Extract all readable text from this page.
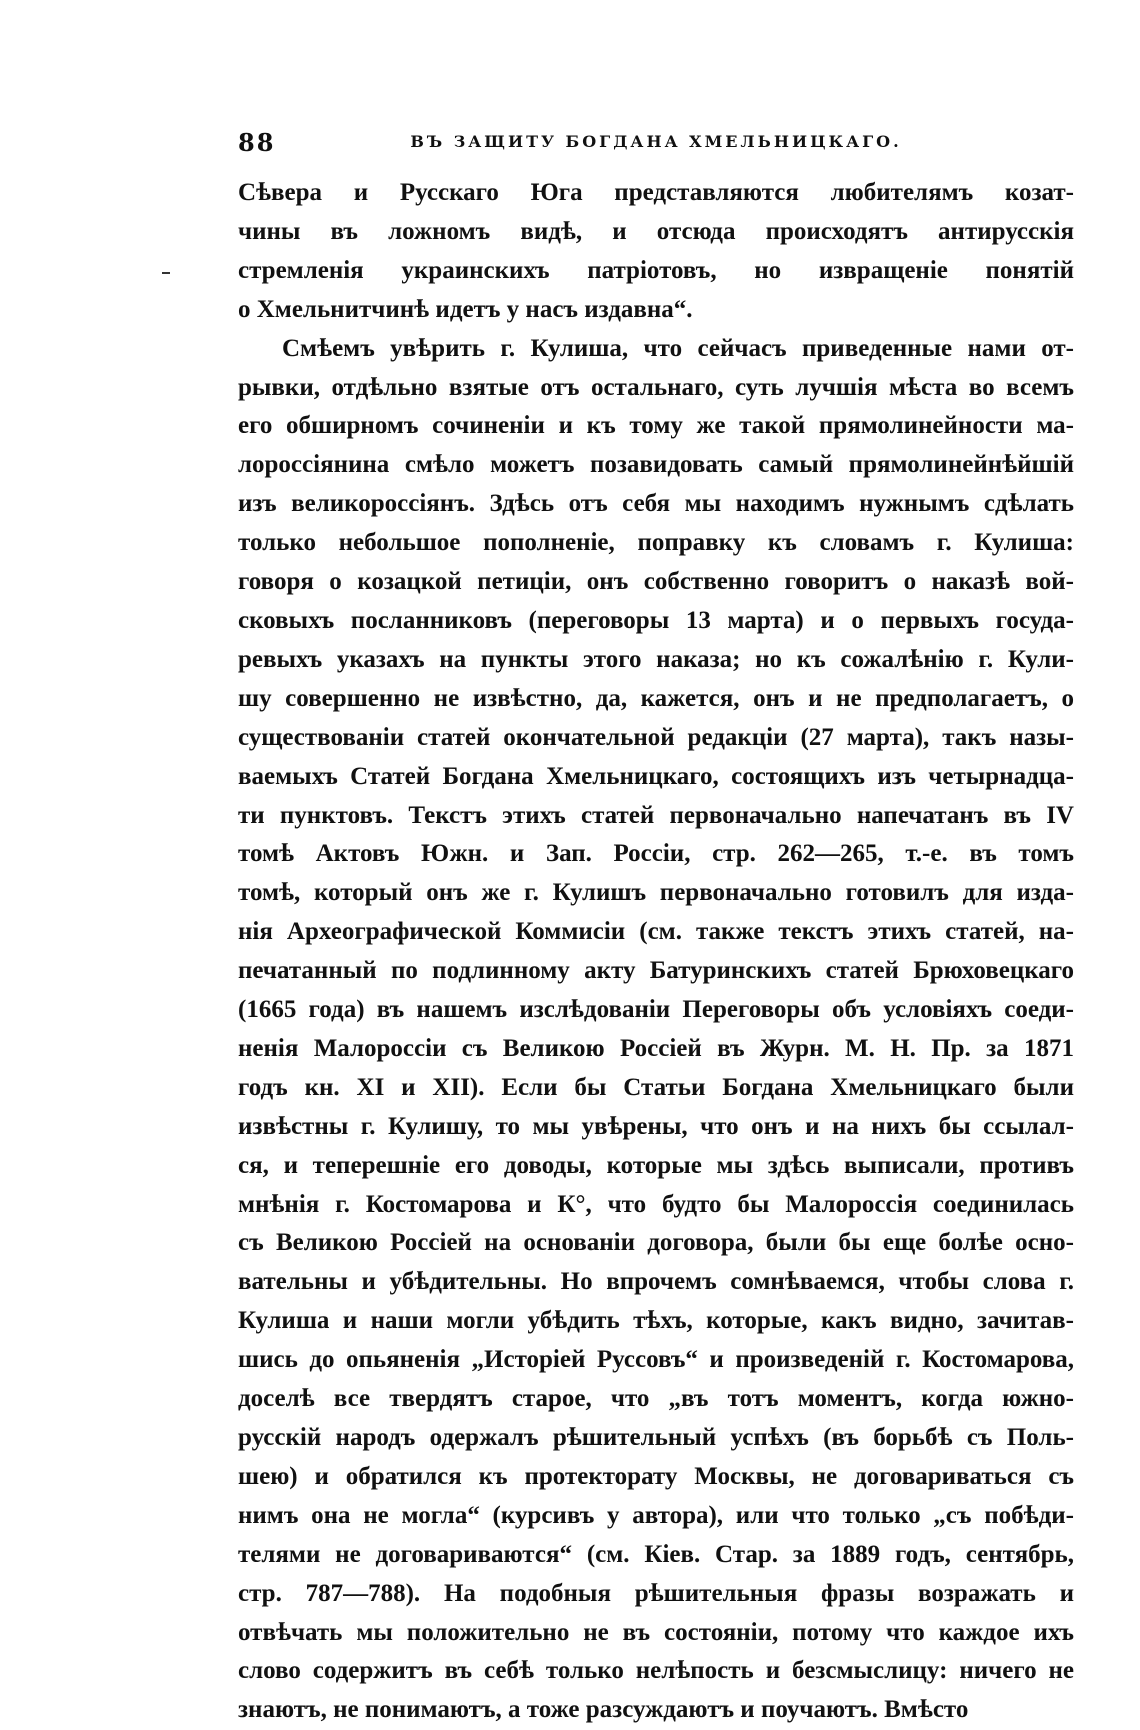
88	ВЪ ЗАЩИТУ БОГДАНА ХМЕЛЬНИЦКАГО.
Сѣвера и Русскаго Юга представляются любителямъ козат-
чины въ ложномъ видѣ, и отсюда происходятъ антирусскія
стремленія украинскихъ патріотовъ, но извращеніе понятій
о Хмельнитчинѣ идетъ у насъ издавна“.
Смѣемъ увѣрить г. Кулиша, что сейчасъ приведенные нами от-
рывки, отдѣльно взятые отъ остальнаго, суть лучшія мѣста во всемъ
его обширномъ сочиненіи и къ тому же такой прямолинейности ма-
лороссіянина смѣло можетъ позавидовать самый прямолинейнѣйшій
изъ великороссіянъ. Здѣсь отъ себя мы находимъ нужнымъ сдѣлать
только небольшое пополненіе, поправку къ словамъ г. Кулиша:
говоря о козацкой петиціи, онъ собственно говоритъ о наказѣ вой-
сковыхъ посланниковъ (переговоры 13 марта) и о первыхъ госуда-
ревыхъ указахъ на пункты этого наказа; но къ сожалѣнію г. Кули-
шу совершенно не извѣстно, да, кажется, онъ и не предполагаетъ, о
существованіи статей окончательной редакціи (27 марта), такъ назы-
ваемыхъ Статей Богдана Хмельницкаго, состоящихъ изъ четырнадца-
ти пунктовъ. Текстъ этихъ статей первоначально напечатанъ въ IV
томѣ Актовъ Южн. и Зап. Россіи, стр. 262—265, т.-е. въ томъ
томѣ, который онъ же г. Кулишъ первоначально готовилъ для изда-
нія Археографической Коммисіи (см. также текстъ этихъ статей, на-
печатанный по подлинному акту Батуринскихъ статей Брюховецкаго
(1665 года) въ нашемъ изслѣдованіи Переговоры объ условіяхъ соеди-
ненія Малороссіи съ Великою Россіей въ Журн. М. Н. Пр. за 1871
годъ кн. XI и XII). Если бы Статьи Богдана Хмельницкаго были
извѣстны г. Кулишу, то мы увѣрены, что онъ и на нихъ бы ссылал-
ся, и теперешніе его доводы, которые мы здѣсь выписали, противъ
мнѣнія г. Костомарова и К°, что будто бы Малороссія соединилась
съ Великою Россіей на основаніи договора, были бы еще болѣе осно-
вательны и убѣдительны. Но впрочемъ сомнѣваемся, чтобы слова г.
Кулиша и наши могли убѣдить тѣхъ, которые, какъ видно, зачитав-
шись до опьяненія „Исторіей Руссовъ“ и произведеній г. Костомарова,
доселѣ все твердятъ старое, что „въ тотъ моментъ, когда южно-
русскій народъ одержалъ рѣшительный успѣхъ (въ борьбѣ съ Поль-
шею) и обратился къ протекторату Москвы, не договариваться съ
нимъ она не могла“ (курсивъ у автора), или что только „съ побѣди-
телями не договариваются“ (см. Кіев. Стар. за 1889 годъ, сентябрь,
стр. 787—788). На подобныя рѣшительныя фразы возражать и
отвѣчать мы положительно не въ состояніи, потому что каждое ихъ
слово содержитъ въ себѣ только нелѣпость и безсмыслицу: ничего не
знаютъ, не понимаютъ, а тоже разсуждаютъ и поучаютъ. Вмѣсто
